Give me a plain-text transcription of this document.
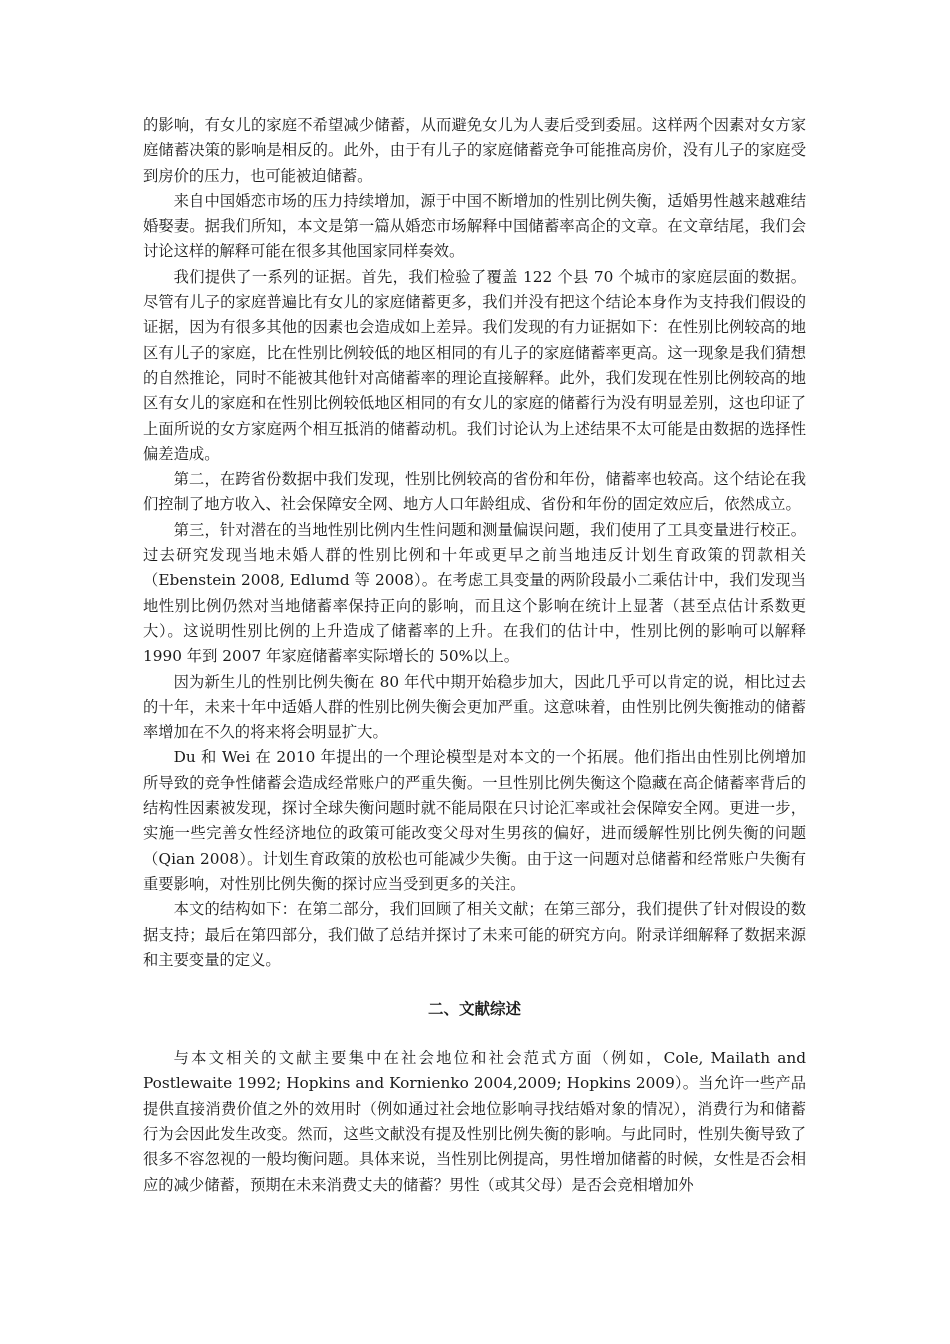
的影响，有女儿的家庭不希望减少储蓄，从而避免女儿为人妻后受到委屈。这样两个因素对女方家庭储蓄决策的影响是相反的。此外，由于有儿子的家庭储蓄竞争可能推高房价，没有儿子的家庭受到房价的压力，也可能被迫储蓄。

来自中国婚恋市场的压力持续增加，源于中国不断增加的性别比例失衡，适婚男性越来越难结婚娶妻。据我们所知，本文是第一篇从婚恋市场解释中国储蓄率高企的文章。在文章结尾，我们会讨论这样的解释可能在很多其他国家同样奏效。

我们提供了一系列的证据。首先，我们检验了覆盖 122 个县 70 个城市的家庭层面的数据。尽管有儿子的家庭普遍比有女儿的家庭储蓄更多，我们并没有把这个结论本身作为支持我们假设的证据，因为有很多其他的因素也会造成如上差异。我们发现的有力证据如下：在性别比例较高的地区有儿子的家庭，比在性别比例较低的地区相同的有儿子的家庭储蓄率更高。这一现象是我们猜想的自然推论，同时不能被其他针对高储蓄率的理论直接解释。此外，我们发现在性别比例较高的地区有女儿的家庭和在性别比例较低地区相同的有女儿的家庭的储蓄行为没有明显差别，这也印证了上面所说的女方家庭两个相互抵消的储蓄动机。我们讨论认为上述结果不太可能是由数据的选择性偏差造成。

第二，在跨省份数据中我们发现，性别比例较高的省份和年份，储蓄率也较高。这个结论在我们控制了地方收入、社会保障安全网、地方人口年龄组成、省份和年份的固定效应后，依然成立。

第三，针对潜在的当地性别比例内生性问题和测量偏误问题，我们使用了工具变量进行校正。过去研究发现当地未婚人群的性别比例和十年或更早之前当地违反计划生育政策的罚款相关（Ebenstein 2008, Edlumd 等 2008）。在考虑工具变量的两阶段最小二乘估计中，我们发现当地性别比例仍然对当地储蓄率保持正向的影响，而且这个影响在统计上显著（甚至点估计系数更大）。这说明性别比例的上升造成了储蓄率的上升。在我们的估计中，性别比例的影响可以解释 1990 年到 2007 年家庭储蓄率实际增长的 50%以上。

因为新生儿的性别比例失衡在 80 年代中期开始稳步加大，因此几乎可以肯定的说，相比过去的十年，未来十年中适婚人群的性别比例失衡会更加严重。这意味着，由性别比例失衡推动的储蓄率增加在不久的将来将会明显扩大。

Du 和 Wei 在 2010 年提出的一个理论模型是对本文的一个拓展。他们指出由性别比例增加所导致的竞争性储蓄会造成经常账户的严重失衡。一旦性别比例失衡这个隐藏在高企储蓄率背后的结构性因素被发现，探讨全球失衡问题时就不能局限在只讨论汇率或社会保障安全网。更进一步，实施一些完善女性经济地位的政策可能改变父母对生男孩的偏好，进而缓解性别比例失衡的问题（Qian 2008）。计划生育政策的放松也可能减少失衡。由于这一问题对总储蓄和经常账户失衡有重要影响，对性别比例失衡的探讨应当受到更多的关注。

本文的结构如下：在第二部分，我们回顾了相关文献；在第三部分，我们提供了针对假设的数据支持；最后在第四部分，我们做了总结并探讨了未来可能的研究方向。附录详细解释了数据来源和主要变量的定义。

二、文献综述

与本文相关的文献主要集中在社会地位和社会范式方面（例如，Cole, Mailath and Postlewaite 1992; Hopkins and Kornienko 2004,2009; Hopkins 2009）。当允许一些产品提供直接消费价值之外的效用时（例如通过社会地位影响寻找结婚对象的情况），消费行为和储蓄行为会因此发生改变。然而，这些文献没有提及性别比例失衡的影响。与此同时，性别失衡导致了很多不容忽视的一般均衡问题。具体来说，当性别比例提高，男性增加储蓄的时候，女性是否会相应的减少储蓄，预期在未来消费丈夫的储蓄？男性（或其父母）是否会竞相增加外
